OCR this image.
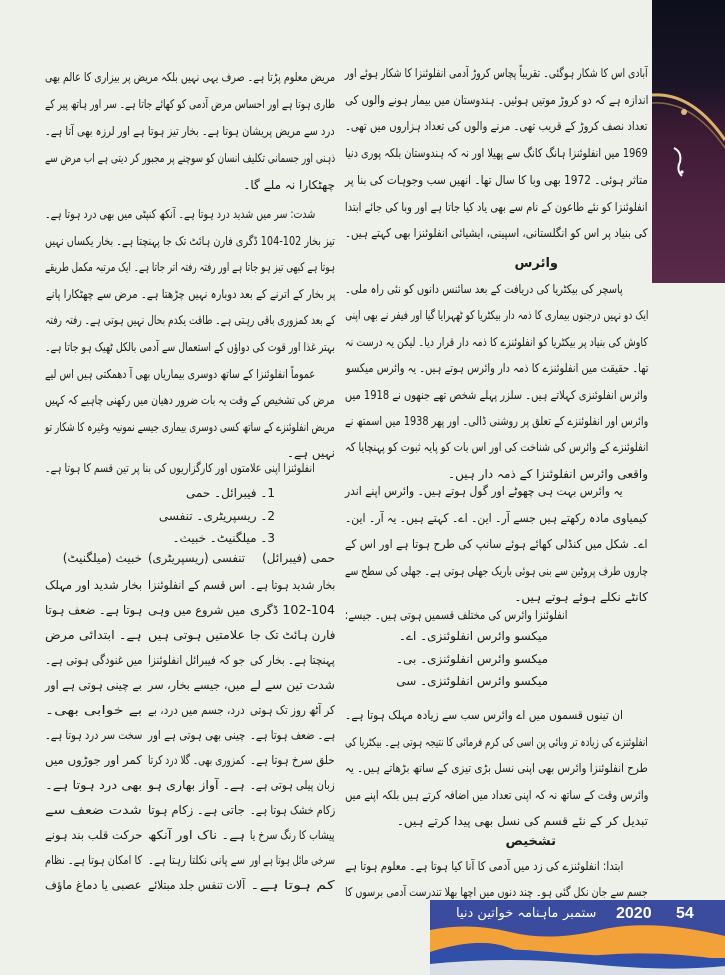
آبادی اس کا شکار ہوگئی۔ تقریباً پچاس کروڑ آدمی انفلوئنزا کا شکار ہوئے اور
اندازہ ہے کہ دو کروڑ موتیں ہوئیں۔ ہندوستان میں بیمار ہونے والوں کی
تعداد نصف کروڑ کے قریب تھی۔ مرنے والوں کی تعداد ہزاروں میں تھی۔
1969 میں انفلوئنزا ہانگ کانگ سے پھیلا اور نہ کہ ہندوستان بلکہ پوری دنیا
متاثر ہوئی۔ 1972 بھی وبا کا سال تھا۔ انھیں سب وجوہات کی بنا پر
انفلوئنزا کو نئے طاعون کے نام سے بھی یاد کیا جاتا ہے اور وبا کی جائے ابتدا
کی بنیاد پر اس کو انگلستانی، اسپینی، ایشیائی انفلوئنزا بھی کہتے ہیں۔
وائرس
پاسچر کی بیکٹریا کی دریافت کے بعد سائنس دانوں کو نئی راہ ملی۔
ایک دو نہیں درجنوں بیماری کا ذمہ دار بیکٹریا کو ٹھہرایا گیا اور فیفر نے بھی اپنی
کاوش کی بنیاد پر بیکٹریا کو انفلوئنزے کا ذمہ دار قرار دیا۔ لیکن یہ درست نہ
تھا۔ حقیقت میں انفلوئنزے کا ذمہ دار وائرس ہوتے ہیں۔ یہ وائرس میکسو
وائرس انفلوئنزی کہلاتے ہیں۔ سلزر پہلے شخص تھے جنھوں نے 1918 میں
وائرس اور انفلوئنزے کے تعلق پر روشنی ڈالی۔ اور پھر 1938 میں اسمتھ نے
انفلوئنزے کے وائرس کی شناخت کی اور اس بات کو پایہ ثبوت کو پہنچایا کہ
واقعی وائرس انفلوئنزا کے ذمہ دار ہیں۔
یہ وائرس بہت ہی چھوٹے اور گول ہوتے ہیں۔ وائرس اپنے اندر
کیمیاوی مادہ رکھتے ہیں جسے آر۔ این۔ اے۔ کہتے ہیں۔ یہ آر۔ این۔
اے۔ شکل میں کنڈلی کھائے ہوئے سانپ کی طرح ہوتا ہے اور اس کے
چاروں طرف پروٹین سے بنی ہوئی باریک جھلی ہوتی ہے۔ جھلی کی سطح سے
کانٹے نکلے ہوئے ہوتے ہیں۔
انفلوئنزا وائرس کی مختلف قسمیں ہوتی ہیں۔ جیسے:
میکسو وائرس انفلوئنزی۔ اے۔
میکسو وائرس انفلوئنزی۔ بی۔
میکسو وائرس انفلوئنزی۔ سی
ان تینوں قسموں میں اے وائرس سب سے زیادہ مہلک ہوتا ہے۔
انفلوئنزے کی زیادہ تر وبائی پن اسی کی کرم فرمائی کا نتیجہ ہوتی ہے۔ بیکٹریا کی
طرح انفلوئنزا وائرس بھی اپنی نسل بڑی تیزی کے ساتھ بڑھاتے ہیں۔ یہ
وائرس وقت کے ساتھ نہ کہ اپنی تعداد میں اضافہ کرتے ہیں بلکہ اپنے میں
تبدیل کر کے نئے قسم کی نسل بھی پیدا کرتے ہیں۔
تشخیص
ابتدا: انفلوئنزے کی زد میں آدمی کا آنا کیا ہوتا ہے۔ معلوم ہوتا ہے
جسم سے جان نکل گئی ہو۔ چند دنوں میں اچھا بھلا تندرست آدمی برسوں کا
مریض معلوم پڑتا ہے۔ صرف یہی نہیں بلکہ مریض پر بیزاری کا عالم بھی
طاری ہوتا ہے اور احساس مرض آدمی کو کھائے جاتا ہے۔ سر اور ہاتھ پیر کے
درد سے مریض پریشان ہوتا ہے۔ بخار تیز ہوتا ہے اور لرزہ بھی آتا ہے۔
ذہنی اور جسمانی تکلیف انسان کو سوچنے پر مجبور کر دیتی ہے اب مرض سے
چھٹکارا نہ ملے گا۔
شدت: سر میں شدید درد ہوتا ہے۔ آنکھ کنپٹی میں بھی درد ہوتا ہے۔
تیز بخار 102-104 ڈگری فارن ہائٹ تک جا پہنچتا ہے۔ بخار یکساں نہیں
ہوتا ہے کبھی تیز ہو جاتا ہے اور رفتہ رفتہ اتر جاتا ہے۔ ایک مرتبہ مکمل طریقے
پر بخار کے اترنے کے بعد دوبارہ نہیں چڑھتا ہے۔ مرض سے چھٹکارا پانے
کے بعد کمزوری باقی رہتی ہے۔ طاقت یکدم بحال نہیں ہوتی ہے۔ رفتہ رفتہ
بہتر غذا اور قوت کی دواؤں کے استعمال سے آدمی بالکل ٹھیک ہو جاتا ہے۔
عموماً انفلوئنزا کے ساتھ دوسری بیماریاں بھی آ دھمکتی ہیں اس لیے
مرض کی تشخیص کے وقت یہ بات ضرور دھیان میں رکھنی چاہیے کہ کہیں
مریض انفلوئنزے کے ساتھ کسی دوسری بیماری جیسے نمونیہ وغیرہ کا شکار تو
نہیں ہے۔
انفلوئنزا اپنی علامتوں اور کارگزاریوں کی بنا پر تین قسم کا ہوتا ہے۔
1۔ فیبرائل۔ حمی
2۔ ریسپریٹری۔ تنفسی
3۔ میلگنیٹ۔ خبیث۔
حمی (فیبرائل)
بخار شدید ہوتا ہے۔
102-104 ڈگری
فارن ہائٹ تک جا
پہنچتا ہے۔ بخار کی
شدت تین سے لے
کر آٹھ روز تک ہوتی
ہے۔ ضعف ہوتا ہے۔
حلق سرخ ہوتا ہے۔
زبان پیلی ہوتی ہے۔
زکام خشک ہوتا ہے۔
پیشاب کا رنگ سرخ یا
سرخی مائل ہوتا ہے اور
کم ہوتا ہے۔
تنفسی (ریسپریٹری)
اس قسم کے انفلوئنزا
میں شروع میں وہی
علامتیں ہوتی ہیں
جو کہ فیبرائل انفلوئنزا
میں، جیسے بخار، سر
درد، جسم میں درد، بے
چینی بھی ہوتی ہے اور
کمزوری بھی۔ گلا درد کرتا
ہے۔ آواز بھاری ہو
جاتی ہے۔ زکام ہوتا
ہے۔ ناک اور آنکھ
سے پانی نکلتا رہتا ہے۔
آلات تنفس جلد مبتلائے
خبیث (میلگنیٹ)
بخار شدید اور مہلک
ہوتا ہے۔ ضعف ہوتا
ہے۔ ابتدائی مرض
میں غنودگی ہوتی ہے۔
بے چینی ہوتی ہے اور
بے خوابی بھی۔
سخت سر درد ہوتا ہے۔
کمر اور جوڑوں میں
بھی درد ہوتا ہے۔
شدت ضعف سے
حرکت قلب بند ہونے
کا امکان ہوتا ہے۔ نظام
عصبی یا دماغ ماؤف
ماہنامہ خواتین دنیا ستمبر 2020 54
